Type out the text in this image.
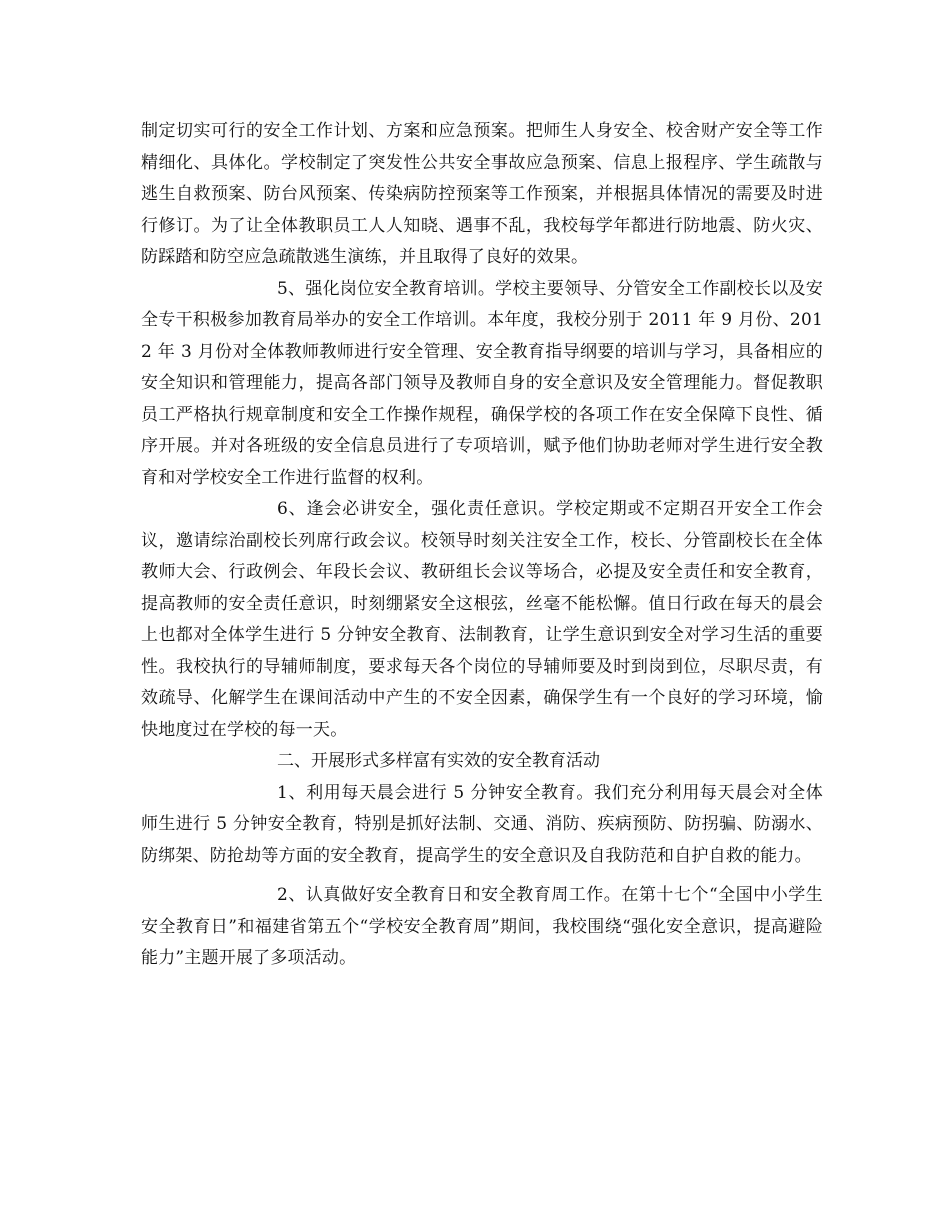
制定切实可行的安全工作计划、方案和应急预案。把师生人身安全、校舍财产安全等工作精细化、具体化。学校制定了突发性公共安全事故应急预案、信息上报程序、学生疏散与逃生自救预案、防台风预案、传染病防控预案等工作预案，并根据具体情况的需要及时进行修订。为了让全体教职员工人人知晓、遇事不乱，我校每学年都进行防地震、防火灾、防踩踏和防空应急疏散逃生演练，并且取得了良好的效果。

5、强化岗位安全教育培训。学校主要领导、分管安全工作副校长以及安全专干积极参加教育局举办的安全工作培训。本年度，我校分别于 2011 年 9 月份、2012 年 3 月份对全体教师教师进行安全管理、安全教育指导纲要的培训与学习，具备相应的安全知识和管理能力，提高各部门领导及教师自身的安全意识及安全管理能力。督促教职员工严格执行规章制度和安全工作操作规程，确保学校的各项工作在安全保障下良性、循序开展。并对各班级的安全信息员进行了专项培训，赋予他们协助老师对学生进行安全教育和对学校安全工作进行监督的权利。

6、逢会必讲安全，强化责任意识。学校定期或不定期召开安全工作会议，邀请综治副校长列席行政会议。校领导时刻关注安全工作，校长、分管副校长在全体教师大会、行政例会、年段长会议、教研组长会议等场合，必提及安全责任和安全教育，提高教师的安全责任意识，时刻绷紧安全这根弦，丝毫不能松懈。值日行政在每天的晨会上也都对全体学生进行 5 分钟安全教育、法制教育，让学生意识到安全对学习生活的重要性。我校执行的导辅师制度，要求每天各个岗位的导辅师要及时到岗到位，尽职尽责，有效疏导、化解学生在课间活动中产生的不安全因素，确保学生有一个良好的学习环境，愉快地度过在学校的每一天。

二、开展形式多样富有实效的安全教育活动

1、利用每天晨会进行 5 分钟安全教育。我们充分利用每天晨会对全体师生进行 5 分钟安全教育，特别是抓好法制、交通、消防、疾病预防、防拐骗、防溺水、防绑架、防抢劫等方面的安全教育，提高学生的安全意识及自我防范和自护自救的能力。

2、认真做好安全教育日和安全教育周工作。在第十七个“全国中小学生安全教育日”和福建省第五个“学校安全教育周”期间，我校围绕“强化安全意识，提高避险能力”主题开展了多项活动。
